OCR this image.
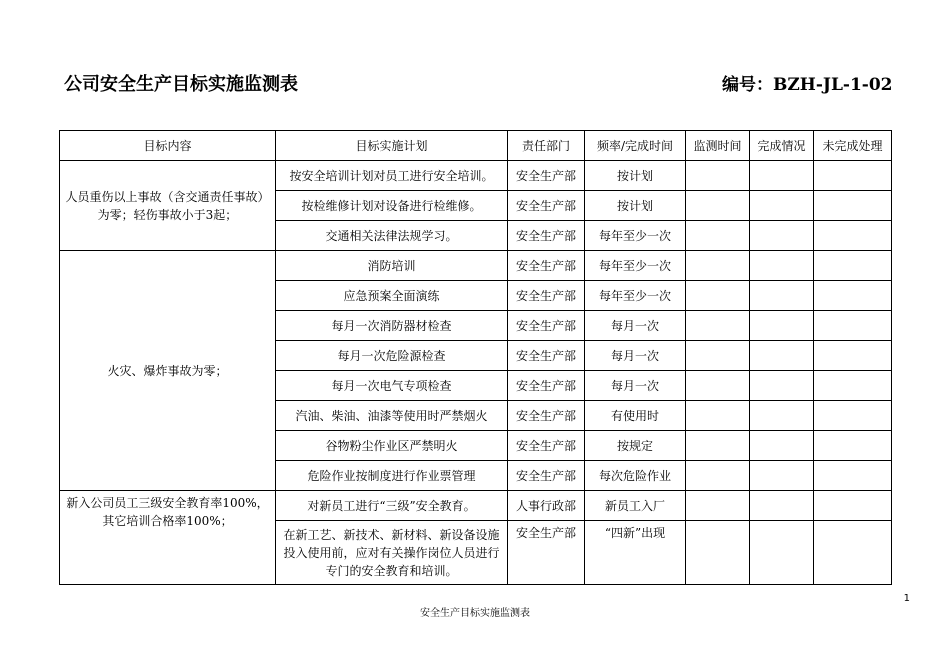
公司安全生产目标实施监测表	编号：BZH-JL-1-02
目标内容	目标实施计划	责任部门	频率/完成时间	监测时间	完成情况	未完成处理
人员重伤以上事故（含交通责任事故）为零；轻伤事故小于3起；	按安全培训计划对员工进行安全培训。	安全生产部	按计划			
	按检维修计划对设备进行检维修。	安全生产部	按计划			
	交通相关法律法规学习。	安全生产部	每年至少一次			
火灾、爆炸事故为零；	消防培训	安全生产部	每年至少一次			
	应急预案全面演练	安全生产部	每年至少一次			
	每月一次消防器材检查	安全生产部	每月一次			
	每月一次危险源检查	安全生产部	每月一次			
	每月一次电气专项检查	安全生产部	每月一次			
	汽油、柴油、油漆等使用时严禁烟火	安全生产部	有使用时			
	谷物粉尘作业区严禁明火	安全生产部	按规定			
	危险作业按制度进行作业票管理	安全生产部	每次危险作业			
新入公司员工三级安全教育率100%，其它培训合格率100%；	对新员工进行“三级”安全教育。	人事行政部	新员工入厂			
	在新工艺、新技术、新材料、新设备设施投入使用前，应对有关操作岗位人员进行专门的安全教育和培训。	安全生产部	“四新”出现			
1
安全生产目标实施监测表
